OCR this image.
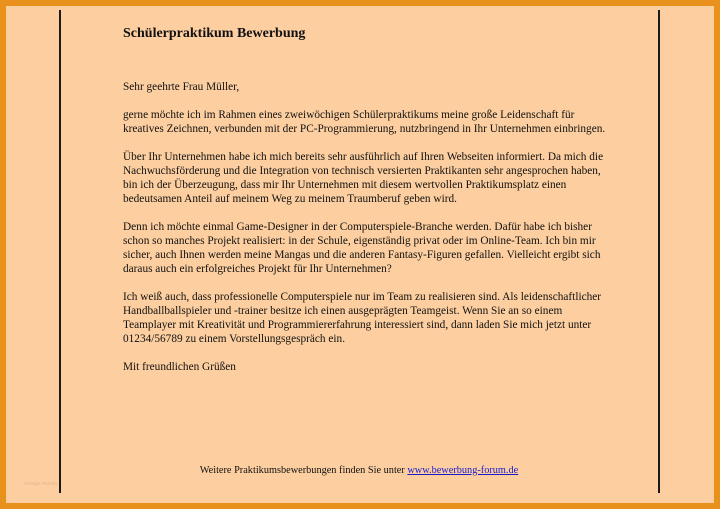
Schülerpraktikum Bewerbung

Sehr geehrte Frau Müller,

gerne möchte ich im Rahmen eines zweiwöchigen Schülerpraktikums meine große Leidenschaft für kreatives Zeichnen, verbunden mit der PC-Programmierung, nutzbringend in Ihr Unternehmen einbringen.

Über Ihr Unternehmen habe ich mich bereits sehr ausführlich auf Ihren Webseiten informiert. Da mich die Nachwuchsförderung und die Integration von technisch versierten Praktikanten sehr angesprochen haben, bin ich der Überzeugung, dass mir Ihr Unternehmen mit diesem wertvollen Praktikumsplatz einen bedeutsamen Anteil auf meinem Weg zu meinem Traumberuf geben wird.

Denn ich möchte einmal Game-Designer in der Computerspiele-Branche werden. Dafür habe ich bisher schon so manches Projekt realisiert: in der Schule, eigenständig privat oder im Online-Team. Ich bin mir sicher, auch Ihnen werden meine Mangas und die anderen Fantasy-Figuren gefallen. Vielleicht ergibt sich daraus auch ein erfolgreiches Projekt für Ihr Unternehmen?

Ich weiß auch, dass professionelle Computerspiele nur im Team zu realisieren sind. Als leidenschaftlicher Handballballspieler und -trainer besitze ich einen ausgeprägten Teamgeist. Wenn Sie an so einem Teamplayer mit Kreativität und Programmiererfahrung interessiert sind, dann laden Sie mich jetzt unter 01234/56789 zu einem Vorstellungsgespräch ein.

Mit freundlichen Grüßen

Weitere Praktikumsbewerbungen finden Sie unter www.bewerbung-forum.de
vorlage-muster
